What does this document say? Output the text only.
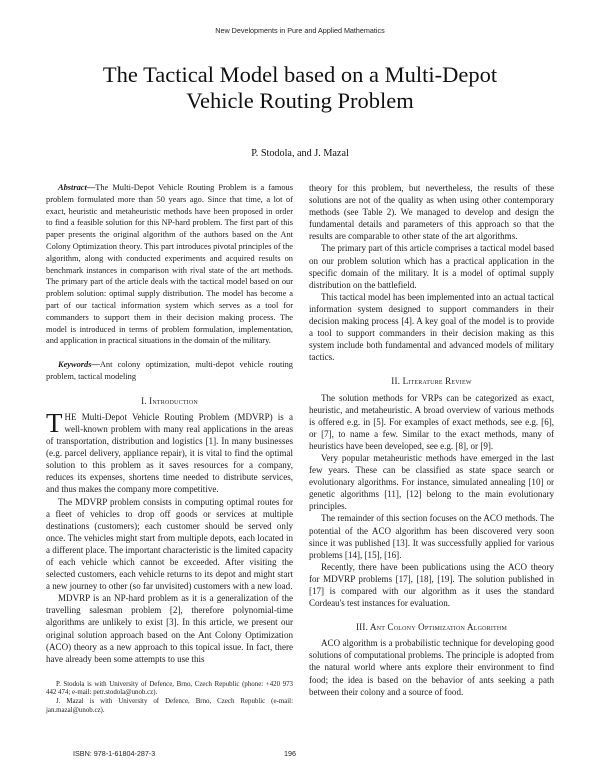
New Developments in Pure and Applied Mathematics
The Tactical Model based on a Multi-Depot
Vehicle Routing Problem
P. Stodola, and J. Mazal

Abstract—The Multi-Depot Vehicle Routing Problem is a famous problem formulated more than 50 years ago. Since that time, a lot of exact, heuristic and metaheuristic methods have been proposed in order to find a feasible solution for this NP-hard problem. The first part of this paper presents the original algorithm of the authors based on the Ant Colony Optimization theory. This part introduces pivotal principles of the algorithm, along with conducted experiments and acquired results on benchmark instances in comparison with rival state of the art methods. The primary part of the article deals with the tactical model based on our problem solution: optimal supply distribution. The model has become a part of our tactical information system which serves as a tool for commanders to support them in their decision making process. The model is introduced in terms of problem formulation, implementation, and application in practical situations in the domain of the military.

Keywords—Ant colony optimization, multi-depot vehicle routing problem, tactical modeling

I. Introduction

THE Multi-Depot Vehicle Routing Problem (MDVRP) is a well-known problem with many real applications in the areas of transportation, distribution and logistics [1]. In many businesses (e.g. parcel delivery, appliance repair), it is vital to find the optimal solution to this problem as it saves resources for a company, reduces its expenses, shortens time needed to distribute services, and thus makes the company more competitive.

The MDVRP problem consists in computing optimal routes for a fleet of vehicles to drop off goods or services at multiple destinations (customers); each customer should be served only once. The vehicles might start from multiple depots, each located in a different place. The important characteristic is the limited capacity of each vehicle which cannot be exceeded. After visiting the selected customers, each vehicle returns to its depot and might start a new journey to other (so far unvisited) customers with a new load.

MDVRP is an NP-hard problem as it is a generalization of the travelling salesman problem [2], therefore polynomial-time algorithms are unlikely to exist [3]. In this article, we present our original solution approach based on the Ant Colony Optimization (ACO) theory as a new approach to this topical issue. In fact, there have already been some attempts to use this

P. Stodola is with University of Defence, Brno, Czech Republic (phone: +420 973 442 474; e-mail: petr.stodola@unob.cz).

J. Mazal is with University of Defence, Brno, Czech Republic (e-mail: jan.mazal@unob.cz).

theory for this problem, but nevertheless, the results of these solutions are not of the quality as when using other contemporary methods (see Table 2). We managed to develop and design the fundamental details and parameters of this approach so that the results are comparable to other state of the art algorithms.

The primary part of this article comprises a tactical model based on our problem solution which has a practical application in the specific domain of the military. It is a model of optimal supply distribution on the battlefield.

This tactical model has been implemented into an actual tactical information system designed to support commanders in their decision making process [4]. A key goal of the model is to provide a tool to support commanders in their decision making as this system include both fundamental and advanced models of military tactics.

II. Literature Review

The solution methods for VRPs can be categorized as exact, heuristic, and metaheuristic. A broad overview of various methods is offered e.g. in [5]. For examples of exact methods, see e.g. [6], or [7], to name a few. Similar to the exact methods, many of heuristics have been developed, see e.g. [8], or [9].

Very popular metaheuristic methods have emerged in the last few years. These can be classified as state space search or evolutionary algorithms. For instance, simulated annealing [10] or genetic algorithms [11], [12] belong to the main evolutionary principles.

The remainder of this section focuses on the ACO methods. The potential of the ACO algorithm has been discovered very soon since it was published [13]. It was successfully applied for various problems [14], [15], [16].

Recently, there have been publications using the ACO theory for MDVRP problems [17], [18], [19]. The solution published in [17] is compared with our algorithm as it uses the standard Cordeau's test instances for evaluation.

III. Ant Colony Optimization Algorithm

ACO algorithm is a probabilistic technique for developing good solutions of computational problems. The principle is adopted from the natural world where ants explore their environment to find food; the idea is based on the behavior of ants seeking a path between their colony and a source of food.

ISBN: 978-1-61804-287-3	196
